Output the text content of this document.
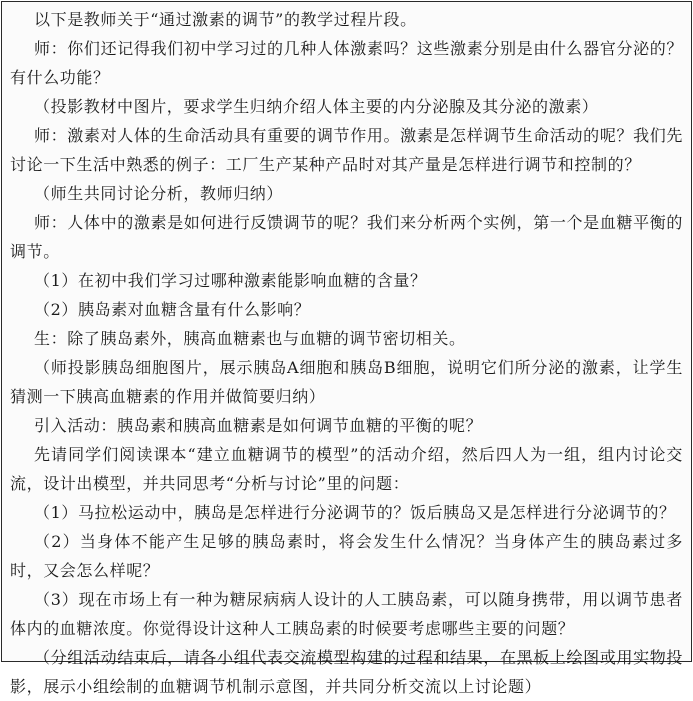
以下是教师关于“通过激素的调节”的教学过程片段。

师：你们还记得我们初中学习过的几种人体激素吗？这些激素分别是由什么器官分泌的？有什么功能？

（投影教材中图片，要求学生归纳介绍人体主要的内分泌腺及其分泌的激素）

师：激素对人体的生命活动具有重要的调节作用。激素是怎样调节生命活动的呢？我们先讨论一下生活中熟悉的例子：工厂生产某种产品时对其产量是怎样进行调节和控制的？

（师生共同讨论分析，教师归纳）

师：人体中的激素是如何进行反馈调节的呢？我们来分析两个实例，第一个是血糖平衡的调节。

（1）在初中我们学习过哪种激素能影响血糖的含量？

（2）胰岛素对血糖含量有什么影响？

生：除了胰岛素外，胰高血糖素也与血糖的调节密切相关。

（师投影胰岛细胞图片，展示胰岛A细胞和胰岛B细胞，说明它们所分泌的激素，让学生猜测一下胰高血糖素的作用并做简要归纳）

引入活动：胰岛素和胰高血糖素是如何调节血糖的平衡的呢？

先请同学们阅读课本“建立血糖调节的模型”的活动介绍，然后四人为一组，组内讨论交流，设计出模型，并共同思考“分析与讨论”里的问题：

（1）马拉松运动中，胰岛是怎样进行分泌调节的？饭后胰岛又是怎样进行分泌调节的？

（2）当身体不能产生足够的胰岛素时，将会发生什么情况？当身体产生的胰岛素过多时，又会怎么样呢？

（3）现在市场上有一种为糖尿病病人设计的人工胰岛素，可以随身携带，用以调节患者体内的血糖浓度。你觉得设计这种人工胰岛素的时候要考虑哪些主要的问题？

（分组活动结束后，请各小组代表交流模型构建的过程和结果，在黑板上绘图或用实物投影，展示小组绘制的血糖调节机制示意图，并共同分析交流以上讨论题）
